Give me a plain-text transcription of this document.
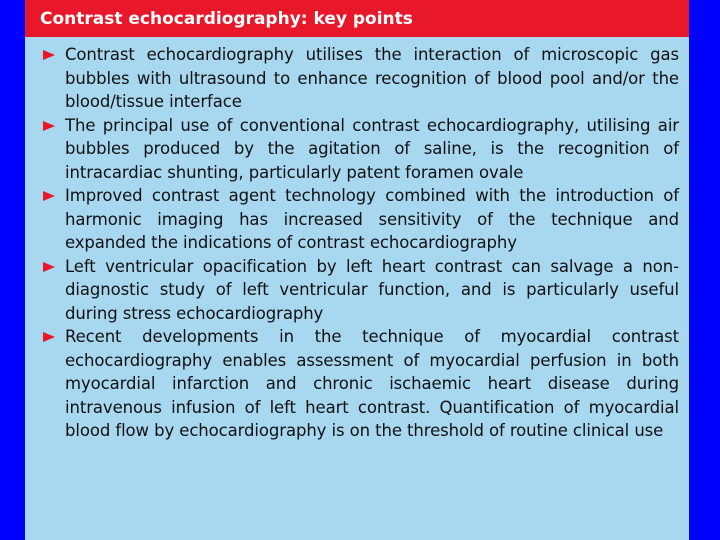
Contrast echocardiography: key points
Contrast echocardiography utilises the interaction of microscopic gas bubbles with ultrasound to enhance recognition of blood pool and/or the blood/tissue interface
The principal use of conventional contrast echocardiography, utilising air bubbles produced by the agitation of saline, is the recognition of intracardiac shunting, particularly patent foramen ovale
Improved contrast agent technology combined with the introduction of harmonic imaging has increased sensitivity of the technique and expanded the indications of contrast echocardiography
Left ventricular opacification by left heart contrast can salvage a non-diagnostic study of left ventricular function, and is particularly useful during stress echocardiography
Recent developments in the technique of myocardial contrast echocardiography enables assessment of myocardial perfusion in both myocardial infarction and chronic ischaemic heart disease during intravenous infusion of left heart contrast. Quantification of myocardial blood flow by echocardiography is on the threshold of routine clinical use
